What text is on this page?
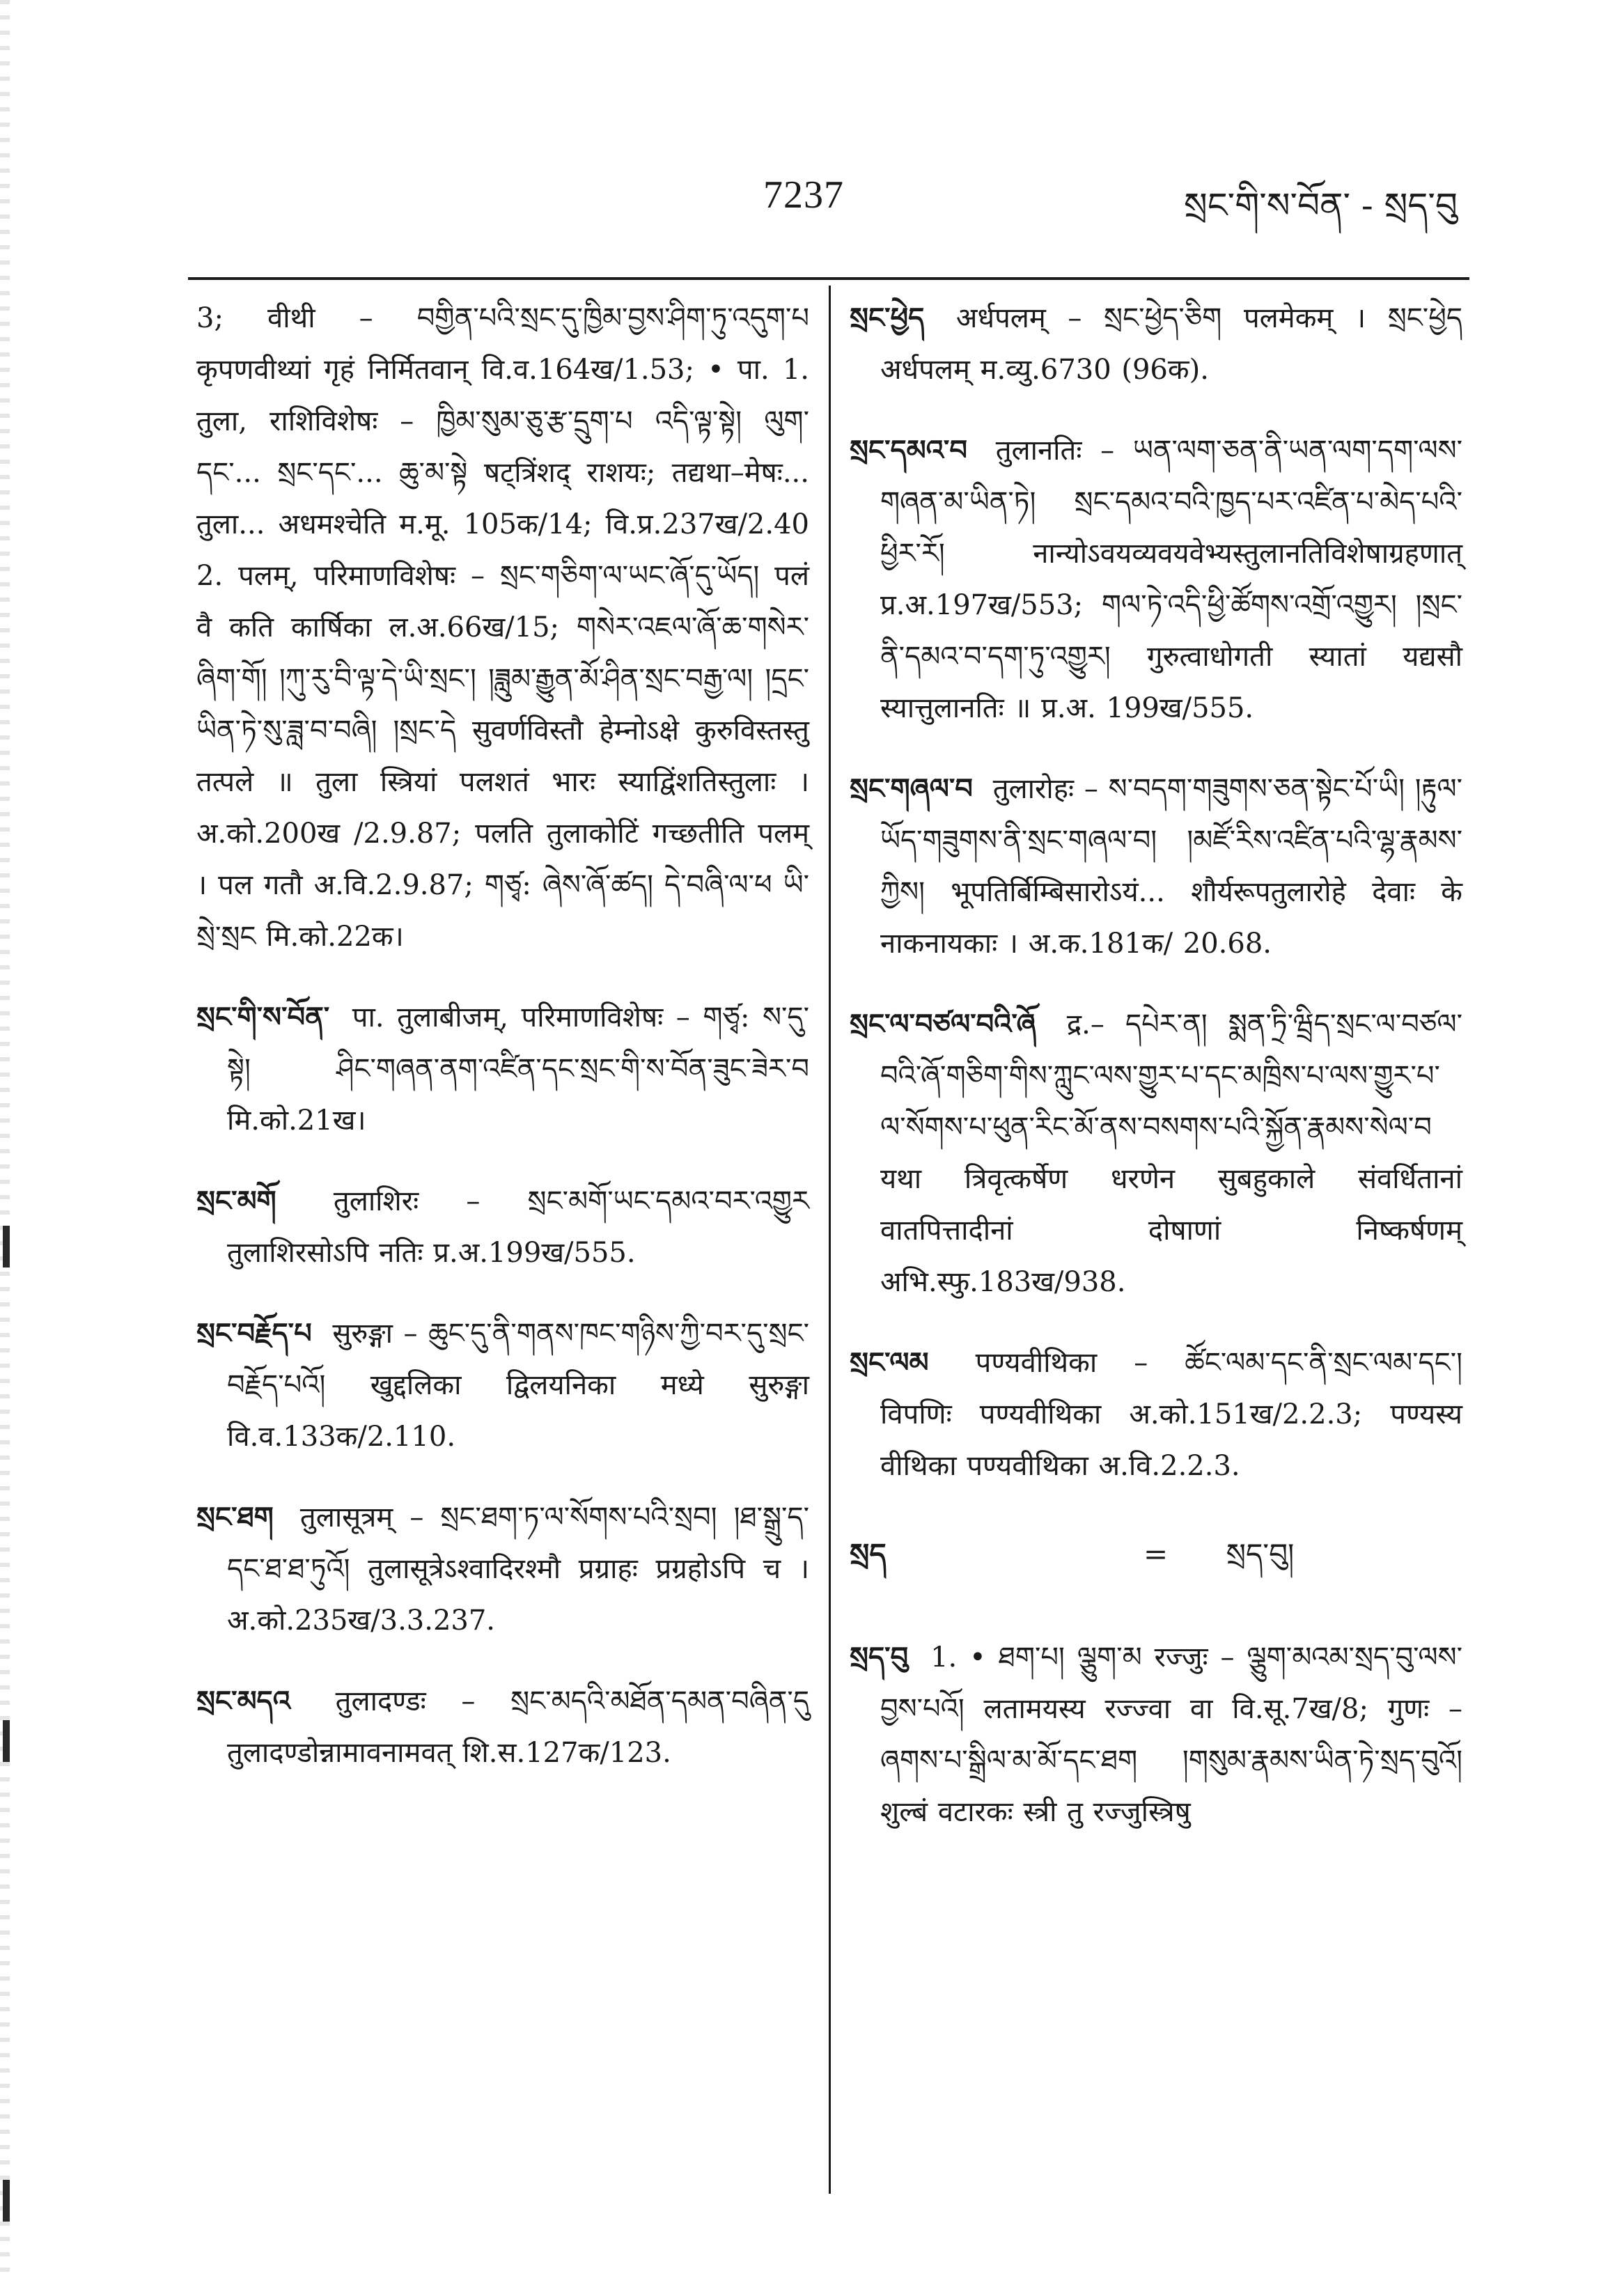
7237	སྲང་གི་ས་བོན་ - སྲད་བུ

3; वीथी – བགྱིན་པའི་སྲང་དུ་ཁྱིམ་བྱས་ཤིག་ཏུ་འདུག་པ कृपणवीथ्यां गृहं निर्मितवान् वि.व.164ख/1.53; • पा. 1. तुला, राशिविशेषः – ཁྱིམ་སུམ་ཅུ་རྩ་དྲུག་པ འདི་ལྟ་སྟེ། ལུག་དང་... སྲང་དང་... ཆུ་མ་སྟེ षट्त्रिंशद् राशयः; तद्यथा–मेषः... तुला... अधमश्चेति म.मू. 105क/14; वि.प्र.237ख/2.40 2. पलम्, परिमाणविशेषः – སྲང་གཅིག་ལ་ཡང་ཞོ་དུ་ཡོད། पलं वै कति कार्षिका ल.अ.66ख/15; གསེར་འཇལ་ཞོ་ཆ་གསེར་ཞིག་གོ། །ཀུ་རུ་བི་ལྟ་དེ་ཡི་སྲང་། །ཟླུམ་རྒྱུན་མོ་ཤིན་སྲང་བརྒྱ་ལ། །དྲང་ཡིན་ཏེ་སུ་ཟླ་བ་བཞི། །སྲང་དེ सुवर्णविस्तौ हेम्नोऽक्षे कुरुविस्तस्तु तत्पले ॥ तुला स्त्रियां पलशतं भारः स्याद्विंशतिस्तुलाः । अ.को.200ख /2.9.87; पलति तुलाकोटिं गच्छतीति पलम् । पल गतौ अ.वि.2.9.87; གཙྭ: ཞེས་ཞོ་ཚད། དེ་བཞི་ལ་ཕ ཡི་སྲེ་སྲང मि.को.22क।

སྲང་གི་ས་བོན་ पा. तुलाबीजम्, परिमाणविशेषः – གཙྭ: ས་དུ་སྟེ། ཤིང་གཞན་ནག་འཛིན་དང་སྲང་གི་ས་བོན་ཟུང་ཟེར་བ मि.को.21ख।

སྲང་མགོ तुलाशिरः – སྲང་མགོ་ཡང་དམའ་བར་འགྱུར तुलाशिरसोऽपि नतिः प्र.अ.199ख/555.

སྲང་བརྗོད་པ सुरुङ्गा – ཆུང་དུ་ནི་གནས་ཁང་གཉིས་ཀྱི་བར་དུ་སྲང་བརྗོད་པའོ། खुद्दलिका द्विलयनिका मध्ये सुरुङ्गा वि.व.133क/2.110.

སྲང་ཐག तुलासूत्रम् – སྲང་ཐག་ཏ་ལ་སོགས་པའི་སྲབ། །ཐ་སྒྲུ་ད་དང་ཐ་ཐ་ཏུའོ། तुलासूत्रेऽश्वादिरश्मौ प्रग्राहः प्रग्रहोऽपि च । अ.को.235ख/3.3.237.

སྲང་མདའ तुलादण्डः – སྲང་མདའི་མཐོན་དམན་བཞིན་དུ तुलादण्डोन्नामावनामवत् शि.स.127क/123.

སྲང་ཕྱེད अर्धपलम् – སྲང་ཕྱེད་ཅིག पलमेकम् । སྲང་ཕྱེད अर्धपलम् म.व्यु.6730 (96क).

སྲང་དམའ་བ तुलानतिः – ཡན་ལག་ཅན་ནི་ཡན་ལག་དག་ལས་གཞན་མ་ཡིན་ཏེ། སྲང་དམའ་བའི་ཁྱད་པར་འཛིན་པ་མེད་པའི་ཕྱིར་རོ། नान्योऽवयव्यवयवेभ्यस्तुलानतिविशेषाग्रहणात् प्र.अ.197ख/553; གལ་ཏེ་འདི་ཕྱི་ཚོགས་འགྲོ་འགྱུར། །སྲང་ནི་དམའ་བ་དག་ཏུ་འགྱུར། गुरुत्वाधोगती स्यातां यद्यसौ स्यात्तुलानतिः ॥ प्र.अ. 199ख/555.

སྲང་གཞལ་བ तुलारोहः – ས་བདག་གཟུགས་ཅན་སྟེང་པོ་ཡི། །རྟུལ་ཡོད་གཟུགས་ནི་སྲང་གཞལ་བ། །མཛོ་རིས་འཛིན་པའི་ལྷ་རྣམས་ཀྱིས། भूपतिर्बिम्बिसारोऽयं... शौर्यरूपतुलारोहे देवाः के नाकनायकाः । अ.क.181क/ 20.68.

སྲང་ལ་བཙལ་བའི་ཞོ द्र.– དཔེར་ན། སྨན་ཏྲི་ཝྲིད་སྲང་ལ་བཙལ་བའི་ཞོ་གཅིག་གིས་ཀླུང་ལས་གྱུར་པ་དང་མཁྲིས་པ་ལས་གྱུར་པ་ལ་སོགས་པ་ཕུན་རིང་མོ་ནས་བསགས་པའི་སྐྱོན་རྣམས་སེལ་བ यथा त्रिवृत्कर्षेण धरणेन सुबहुकाले संवर्धितानां वातपित्तादीनां दोषाणां निष्कर्षणम् अभि.स्फु.183ख/938.

སྲང་ལམ पण्यवीथिका – ཚོང་ལམ་དང་ནི་སྲང་ལམ་དང་། विपणिः पण्यवीथिका अ.को.151ख/2.2.3; पण्यस्य वीथिका पण्यवीथिका अ.वि.2.2.3.

སྲད	= སྲད་བུ།

སྲད་བུ 1. • ཐག་པ། ལྕུག་མ रज्जुः – ལྕུག་མའམ་སྲད་བུ་ལས་བྱས་པའོ། लतामयस्य रज्ज्वा वा वि.सू.7ख/8; गुणः – ཞགས་པ་སྒྲིལ་མ་མོ་དང་ཐག །གསུམ་རྣམས་ཡིན་ཏེ་སྲད་བུའོ། शुल्बं वटारकः स्त्री तु रज्जुस्त्रिषु
